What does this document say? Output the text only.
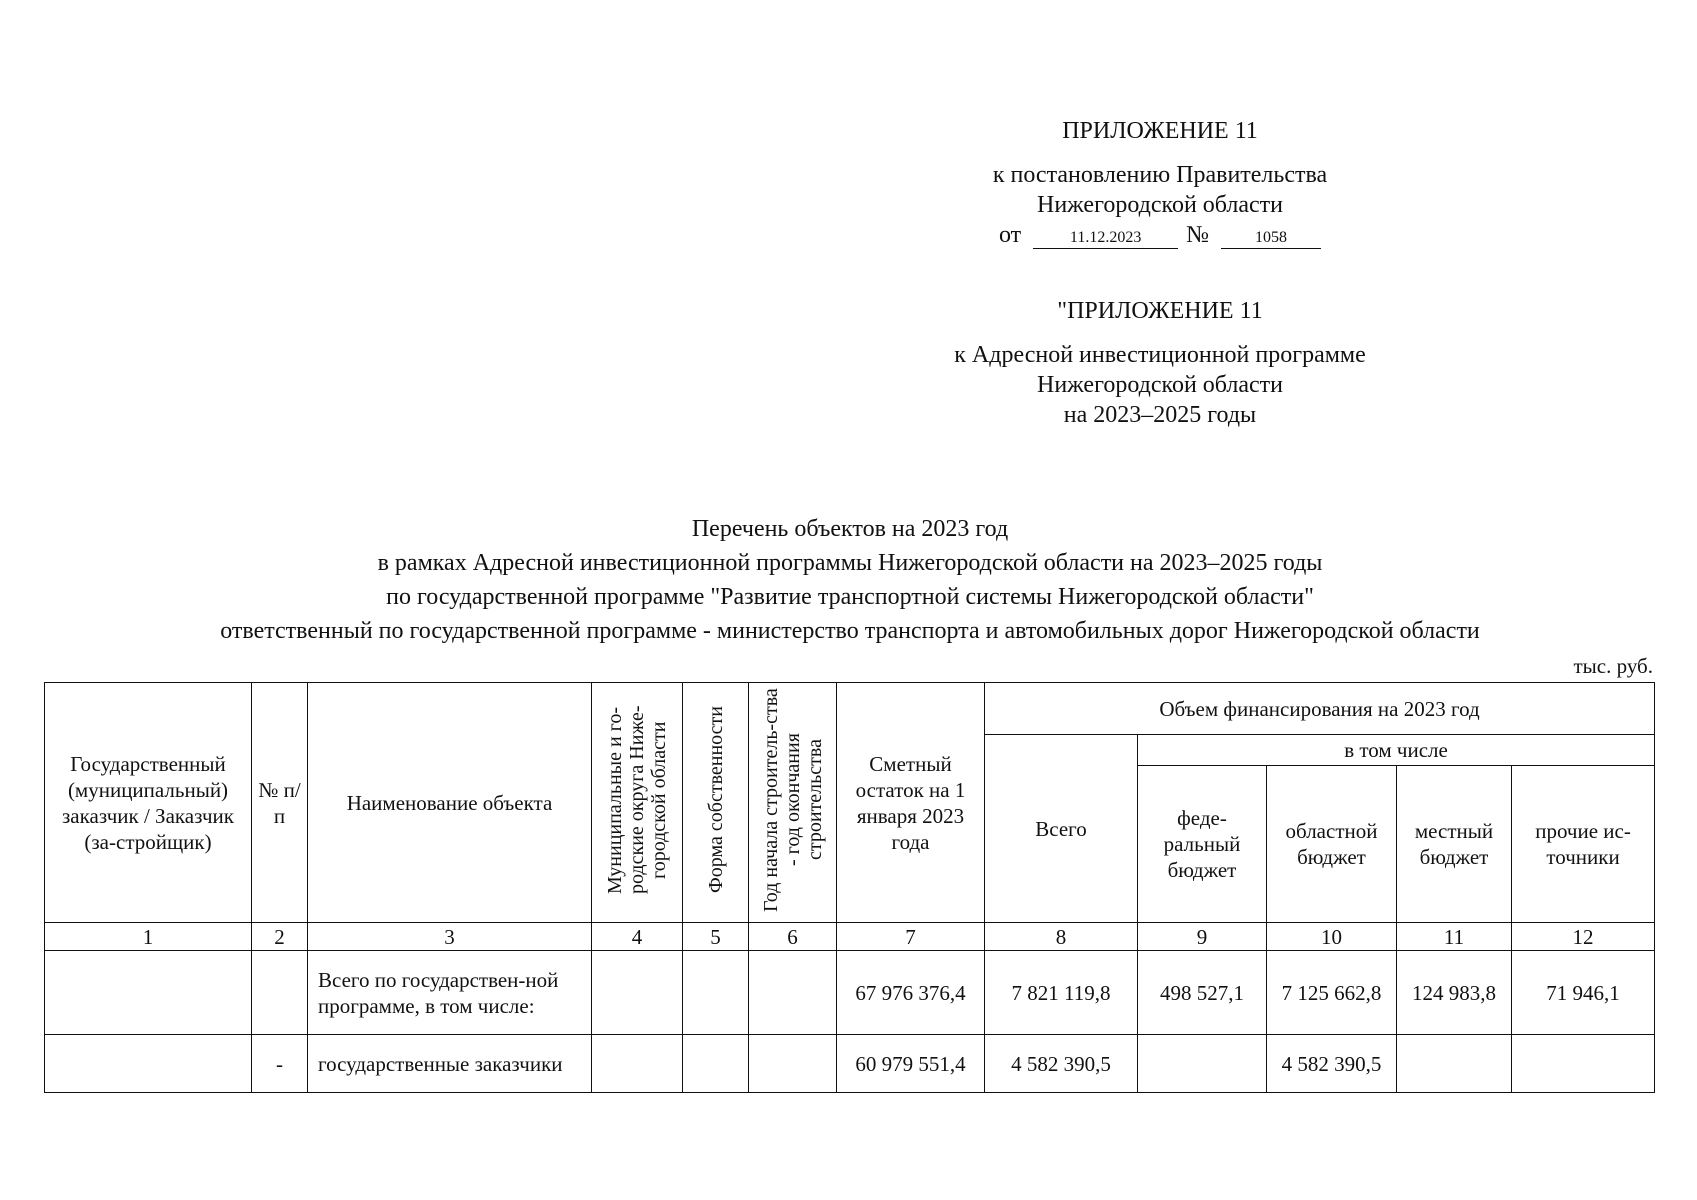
ПРИЛОЖЕНИЕ 11
к постановлению Правительства
Нижегородской области
от	11.12.2023 №	1058
"ПРИЛОЖЕНИЕ 11
к Адресной инвестиционной программе
Нижегородской области
на 2023–2025 годы
Перечень объектов на 2023 год
в рамках Адресной инвестиционной программы Нижегородской области на 2023–2025 годы
по государственной программе "Развитие транспортной системы Нижегородской области"
ответственный по государственной программе - министерство транспорта и автомобильных дорог Нижегородской области
тыс. руб.
Государственный (муниципальный) заказчик / Заказчик (за-стройщик)	№ п/п	Наименование объекта	Муниципальные и го-родские округа Ниже-городской области	Форма собственности	Год начала строитель-ства - год окончания строительства	Сметный остаток на 1 января 2023 года	Объем финансирования на 2023 год				
							Всего	в том числе			
								феде-ральный бюджет	областной бюджет	местный бюджет	прочие ис-точники
1	2	3	4	5	6	7	8	9	10	11	12
		Всего по государствен-ной программе, в том числе:				67 976 376,4	7 821 119,8	498 527,1	7 125 662,8	124 983,8	71 946,1
	-	государственные заказчики				60 979 551,4	4 582 390,5		4 582 390,5		
